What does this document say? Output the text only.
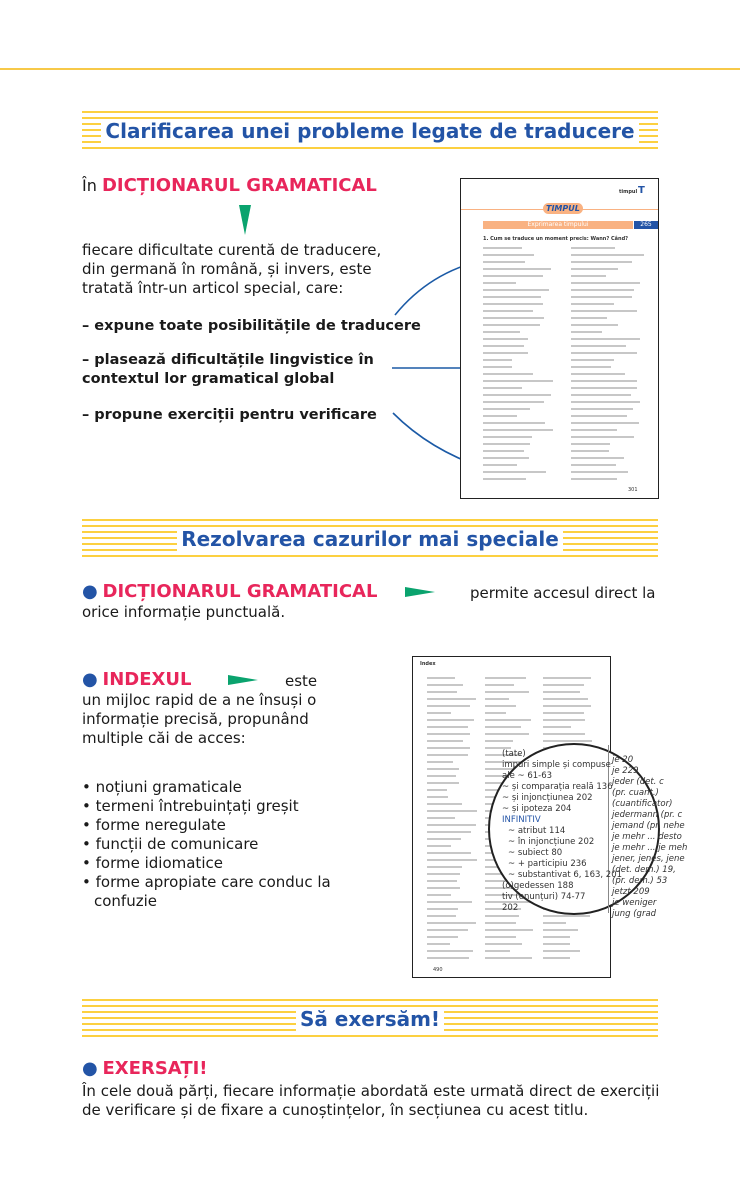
Clarificarea unei probleme legate de traducere
În DICȚIONARUL GRAMATICAL
fiecare dificultate curentă de traducere, din germană în română, și invers, este tratată într-un articol special, care:
– expune toate posibilitățile de traducere
– plasează dificultățile lingvistice în contextul lor gramatical global
– propune exerciții pentru verificare
timpul T
TIMPUL
Exprimarea timpului	265
1. Cum se traduce un moment precis: Wann? Când?
301
Rezolvarea cazurilor mai speciale
● DICȚIONARUL GRAMATICAL	permite accesul direct la
orice informație punctuală.
● INDEXUL	este
un mijloc rapid de a ne însuși o informație precisă, propunând multiple căi de acces:
• noțiuni gramaticale
• termeni întrebuințați greșit
• forme neregulate
• funcții de comunicare
• forme idiomatice
• forme apropiate care conduc la confuzie
Index
490
(tate)
impuri simple și compuse
ale ~ 61-63
~ și comparația reală 136
~ și injoncțiunea 202
~ și ipoteza 204
INFINITIV
~ atribut 114
~ în injoncțiune 202
~ subiect 80
~ + participiu 236
~ substantivat 6, 163, 201
(o)gedessen 188
tiv (enunțuri) 74-77
202
je 20
je 229
jeder (det. c
(pr. cuant.)
(cuantificator)
jedermann (pr. c
jemand (pr. nehe
je mehr ... desto
je mehr ... je meh
jener, jenes, jene
(det. dem.) 19,
(pr. dem.) 53
jetzt 209
je weniger
jung (grad
Să exersăm!
● EXERSAȚI!
În cele două părți, fiecare informație abordată este urmată direct de exerciții de verificare și de fixare a cunoștințelor, în secțiunea cu acest titlu.
